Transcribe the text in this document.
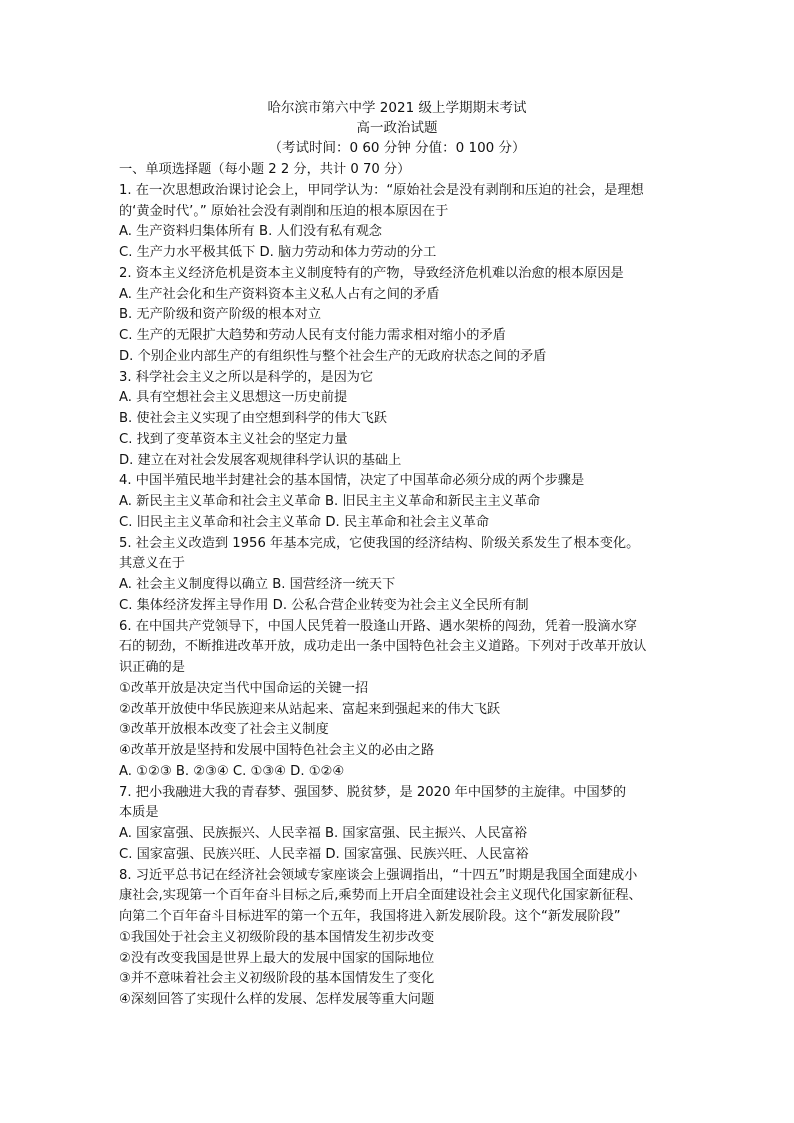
哈尔滨市第六中学 2021 级上学期期末考试
高一政治试题
（考试时间：0 60 分钟 分值：0 100 分）
一、单项选择题（每小题 2 2 分，共计 0 70 分）
1. 在一次思想政治课讨论会上，甲同学认为：“原始社会是没有剥削和压迫的社会，是理想
的‘黄金时代’。” 原始社会没有剥削和压迫的根本原因在于
A. 生产资料归集体所有 B. 人们没有私有观念
C. 生产力水平极其低下 D. 脑力劳动和体力劳动的分工
2. 资本主义经济危机是资本主义制度特有的产物，导致经济危机难以治愈的根本原因是
A. 生产社会化和生产资料资本主义私人占有之间的矛盾
B. 无产阶级和资产阶级的根本对立
C. 生产的无限扩大趋势和劳动人民有支付能力需求相对缩小的矛盾
D. 个别企业内部生产的有组织性与整个社会生产的无政府状态之间的矛盾
3. 科学社会主义之所以是科学的，是因为它
A. 具有空想社会主义思想这一历史前提
B. 使社会主义实现了由空想到科学的伟大飞跃
C. 找到了变革资本主义社会的坚定力量
D. 建立在对社会发展客观规律科学认识的基础上
4. 中国半殖民地半封建社会的基本国情，决定了中国革命必须分成的两个步骤是
A. 新民主主义革命和社会主义革命 B. 旧民主主义革命和新民主主义革命
C. 旧民主主义革命和社会主义革命 D. 民主革命和社会主义革命
5. 社会主义改造到 1956 年基本完成，它使我国的经济结构、阶级关系发生了根本变化。
其意义在于
A. 社会主义制度得以确立 B. 国营经济一统天下
C. 集体经济发挥主导作用 D. 公私合营企业转变为社会主义全民所有制
6. 在中国共产党领导下，中国人民凭着一股逢山开路、遇水架桥的闯劲，凭着一股滴水穿
石的韧劲，不断推进改革开放，成功走出一条中国特色社会主义道路。下列对于改革开放认
识正确的是
①改革开放是决定当代中国命运的关键一招
②改革开放使中华民族迎来从站起来、富起来到强起来的伟大飞跃
③改革开放根本改变了社会主义制度
④改革开放是坚持和发展中国特色社会主义的必由之路
A. ①②③ B. ②③④ C. ①③④ D. ①②④
7. 把小我融进大我的青春梦、强国梦、脱贫梦，是 2020 年中国梦的主旋律。中国梦的
本质是
A. 国家富强、民族振兴、人民幸福 B. 国家富强、民主振兴、人民富裕
C. 国家富强、民族兴旺、人民幸福 D. 国家富强、民族兴旺、人民富裕
8. 习近平总书记在经济社会领域专家座谈会上强调指出，“十四五”时期是我国全面建成小
康社会,实现第一个百年奋斗目标之后,乘势而上开启全面建设社会主义现代化国家新征程、
向第二个百年奋斗目标进军的第一个五年，我国将进入新发展阶段。这个“新发展阶段”
①我国处于社会主义初级阶段的基本国情发生初步改变
②没有改变我国是世界上最大的发展中国家的国际地位
③并不意味着社会主义初级阶段的基本国情发生了变化
④深刻回答了实现什么样的发展、怎样发展等重大问题
